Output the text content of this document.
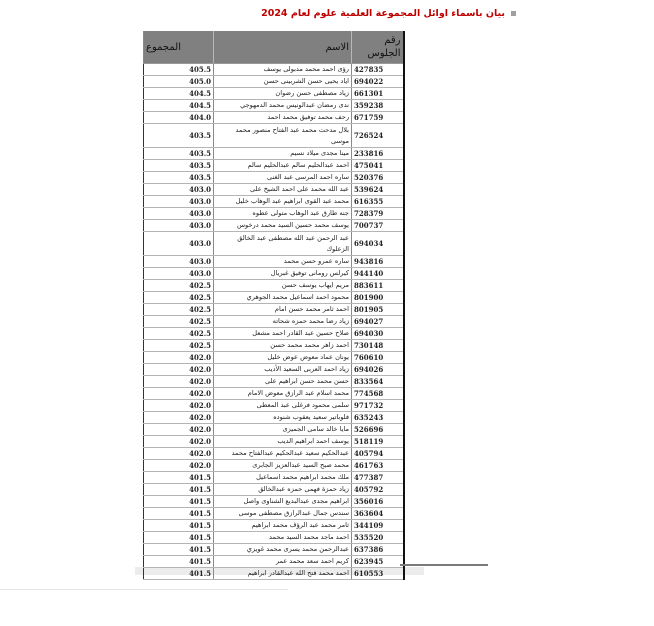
بيان باسماء اوائل المجموعة العلمية علوم لعام 2024
رقم الجلوس	الاسم	المجموع
427835	رؤى احمد محمد مدبولى يوسف	405.5
694022	اياد يحيى حسن الشربينى حسن	405.0
661301	زياد مصطفى حسن رضوان	404.5
359238	ندى رمضان عبدالونيس محمد الدمهوجي	404.5
671759	رحف محمد توفيق محمد احمد	404.0
726524	بلال مدحت محمد عبد الفتاح منصور محمد موسى	403.5
233816	مينا مجدى ميلاد نسيم	403.5
475041	احمد عبدالحليم سالم عبدالحليم سالم	403.5
520376	ساره احمد المرسى عبد الغنى	403.5
539624	عبد الله محمد على احمد الشيخ على	403.0
616355	محمد عبد القوى ابراهيم عبد الوهاب خليل	403.0
728379	جنه طارق عبد الوهاب متولى عطوه	403.0
700737	يوسف محمد حسين السيد محمد درخوس	403.0
694034	عبد الرحمن عبد الله مصطفى عبد الخالق الزعلوك	403.0
943816	ساره عمرو حسن محمد	403.0
944140	كيرلس رومانى توفيق غبريال	403.0
883611	مريم ايهاب يوسف حسن	402.5
801900	محمود احمد اسماعيل محمد الجوهري	402.5
801905	احمد ثامر محمد حسن امام	402.5
694027	زياد رضا محمد حمزه شحاته	402.5
694030	صلاح حسين عبد القادر احمد مشعل	402.5
730148	احمد زاهر محمد محمد حسن	402.5
760610	يونان عماد معوض عوض خليل	402.0
694026	زياد احمد العربى السعيد الأديب	402.0
833564	حسن محمد حسن ابراهيم على	402.0
774568	محمد اسلام عبد الرازق معوض الامام	402.0
971732	سلمى محمود فرغلى عبد المعطى	402.0
635243	فلوباتير سعيد يعقوب شنوده	402.0
526696	مايا خالد سامى الجميزى	402.0
518119	يوسف احمد ابراهيم الديب	402.0
405794	عبدالحكيم سعيد عبدالحكيم عبدالفتاح محمد	402.0
461763	محمد صبح السيد عبدالعزيز الجابرى	402.0
477387	ملك محمد ابراهيم محمد اسماعيل	401.5
405792	زياد حمزة فهمى حمزه عبدالخالق	401.5
356016	ابراهيم مجدى عبدالبديع الشناوى واصل	401.5
363604	سندس جمال عبدالرازق مصطفى موسى	401.5
344109	ثامر محمد عبد الرؤف محمد ابراهيم	401.5
535520	احمد ماجد محمد السيد محمد	401.5
637386	عبدالرحمن محمد يسرى محمد غويزي	401.5
623945	كريم احمد سعد محمد عمر	401.5
610553	احمد محمد فتح الله عبدالقادر ابراهيم	401.5
